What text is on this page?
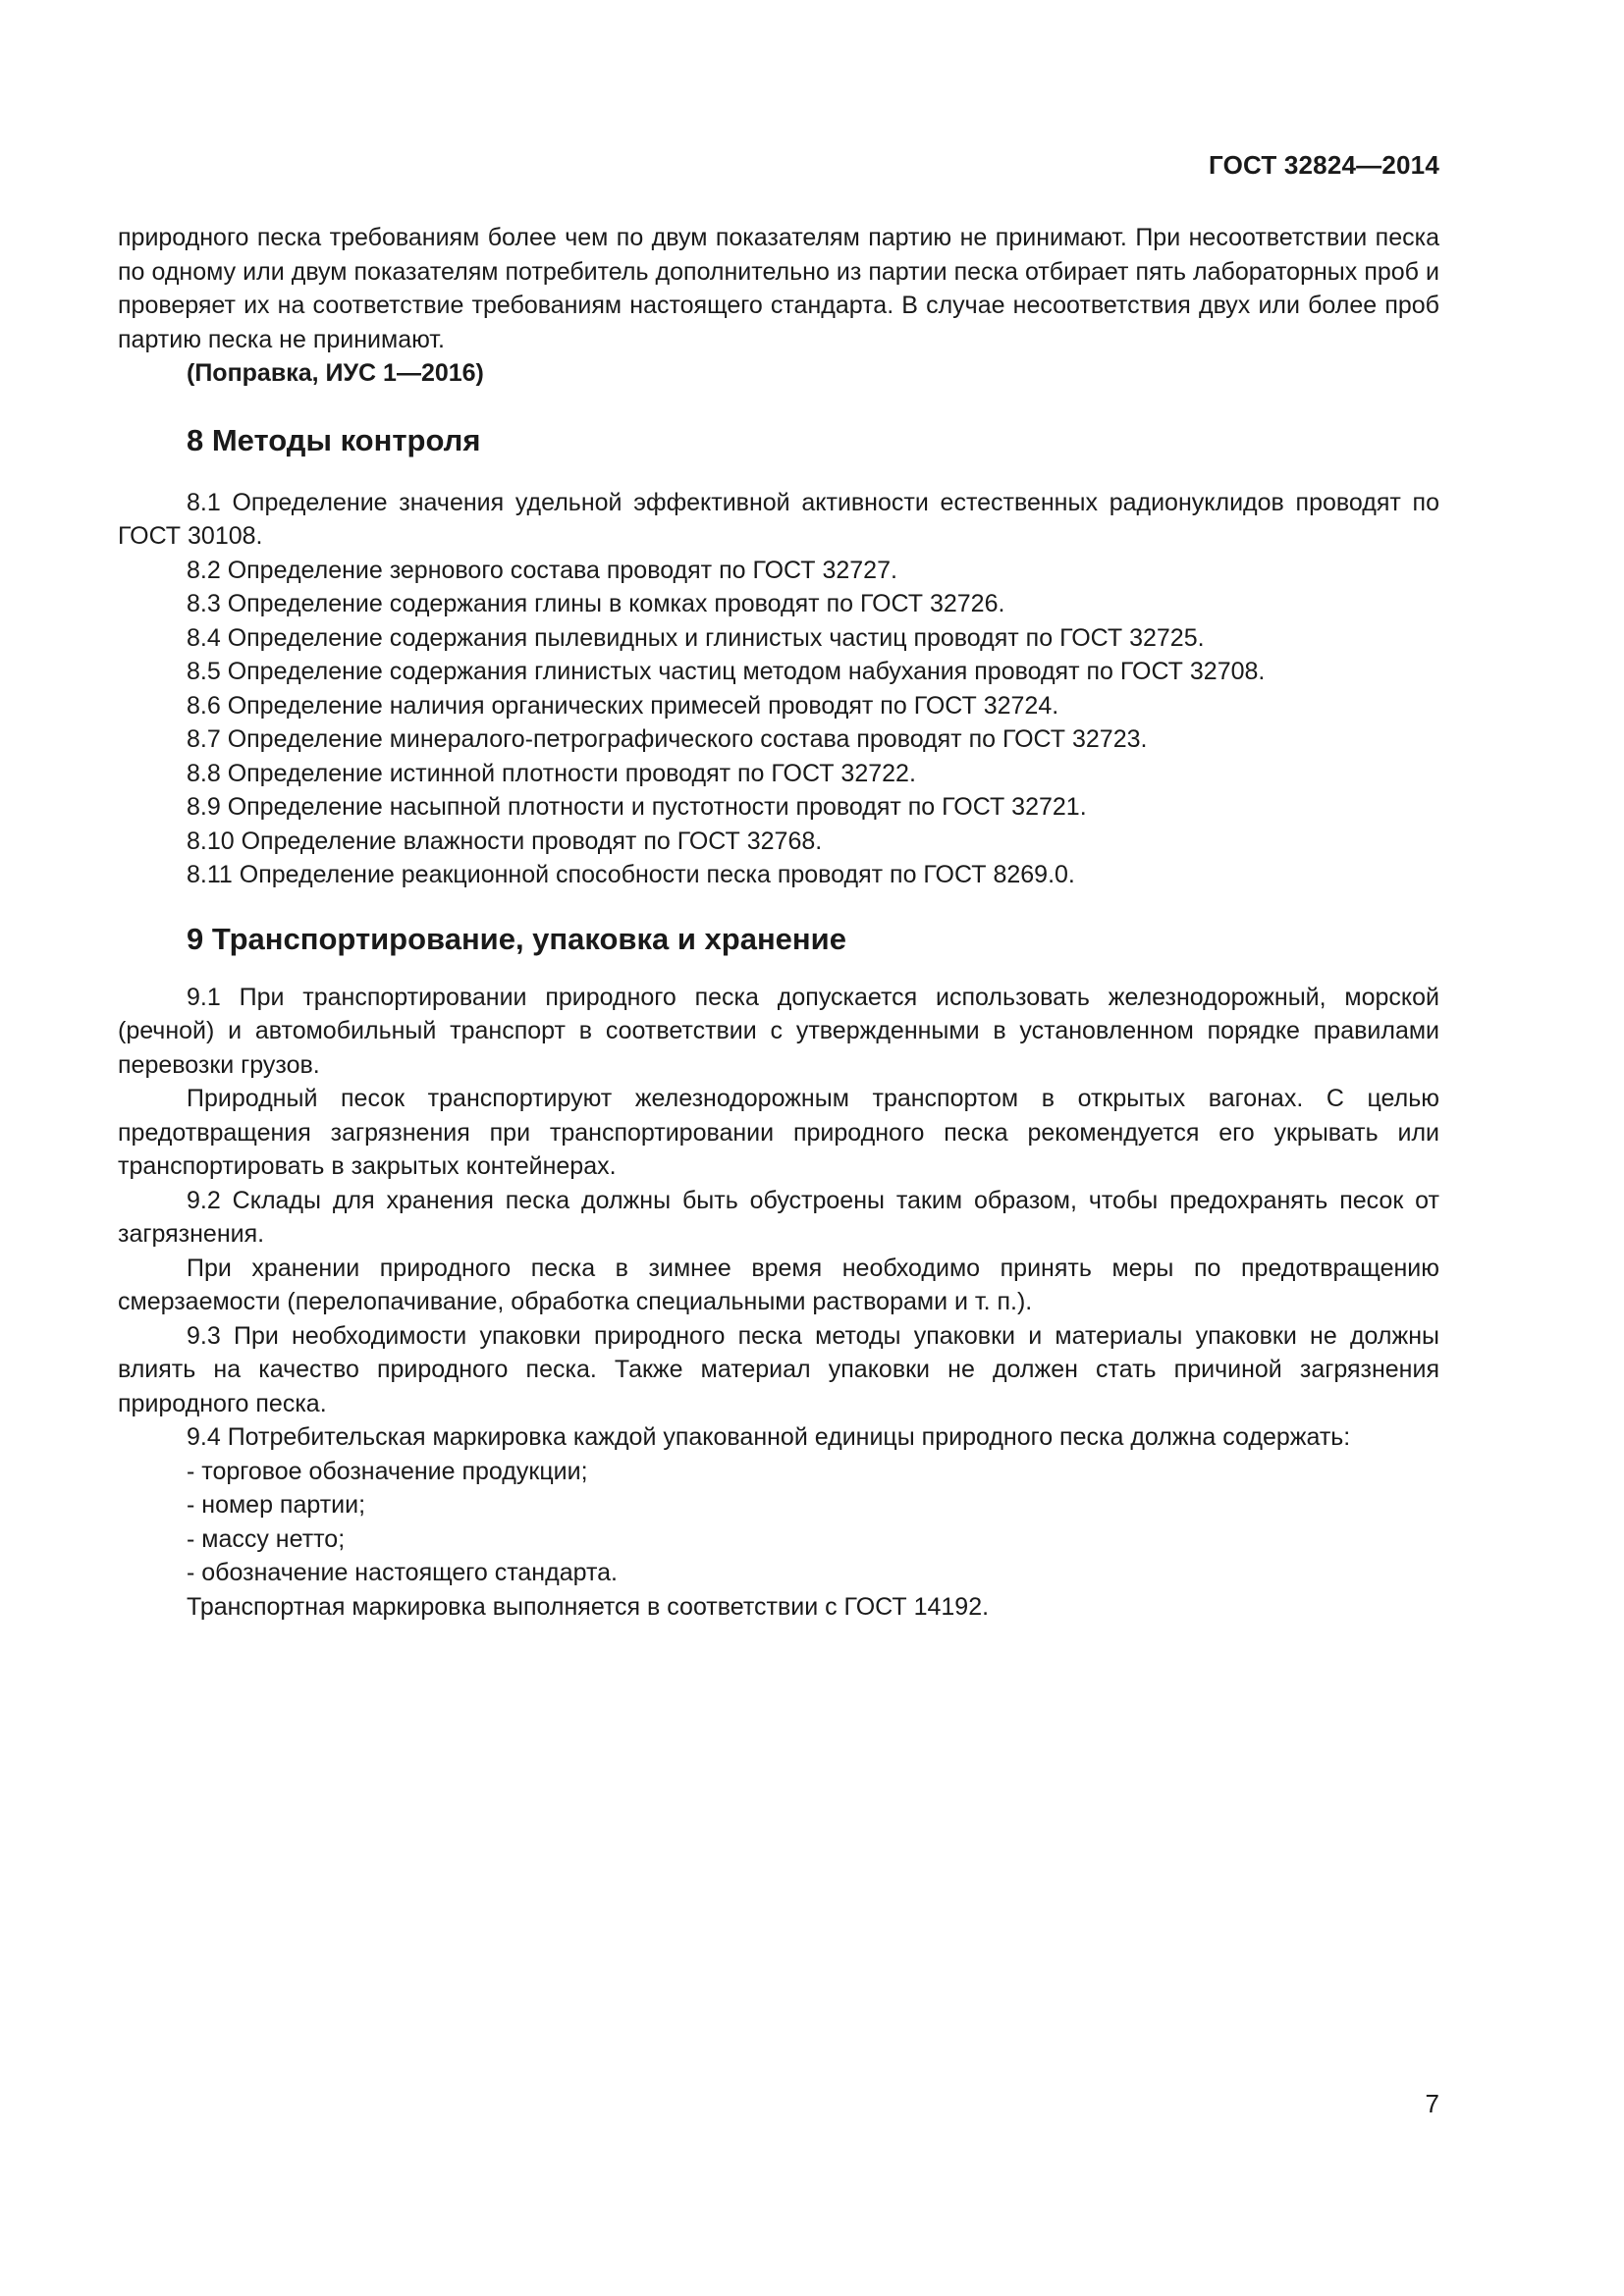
ГОСТ 32824—2014

природного песка требованиям более чем по двум показателям партию не принимают. При несоответствии песка по одному или двум показателям потребитель дополнительно из партии песка отбирает пять лабораторных проб и проверяет их на соответствие требованиям настоящего стандарта. В случае несоответствия двух или более проб партию песка не принимают.

(Поправка, ИУС 1—2016)

8 Методы контроля

8.1 Определение значения удельной эффективной активности естественных радионуклидов проводят по ГОСТ 30108.

8.2 Определение зернового состава проводят по ГОСТ 32727.

8.3 Определение содержания глины в комках проводят по ГОСТ 32726.

8.4 Определение содержания пылевидных и глинистых частиц проводят по ГОСТ 32725.

8.5 Определение содержания глинистых частиц методом набухания проводят по ГОСТ 32708.

8.6 Определение наличия органических примесей проводят по ГОСТ 32724.

8.7 Определение минералого-петрографического состава проводят по ГОСТ 32723.

8.8 Определение истинной плотности проводят по ГОСТ 32722.

8.9 Определение насыпной плотности и пустотности проводят по ГОСТ 32721.

8.10 Определение влажности проводят по ГОСТ 32768.

8.11 Определение реакционной способности песка проводят по ГОСТ 8269.0.

9 Транспортирование, упаковка и хранение

9.1 При транспортировании природного песка допускается использовать железнодорожный, морской (речной) и автомобильный транспорт в соответствии с утвержденными в установленном порядке правилами перевозки грузов.

Природный песок транспортируют железнодорожным транспортом в открытых вагонах. С целью предотвращения загрязнения при транспортировании природного песка рекомендуется его укрывать или транспортировать в закрытых контейнерах.

9.2 Склады для хранения песка должны быть обустроены таким образом, чтобы предохранять песок от загрязнения.

При хранении природного песка в зимнее время необходимо принять меры по предотвращению смерзаемости (перелопачивание, обработка специальными растворами и т. п.).

9.3 При необходимости упаковки природного песка методы упаковки и материалы упаковки не должны влиять на качество природного песка. Также материал упаковки не должен стать причиной загрязнения природного песка.

9.4 Потребительская маркировка каждой упакованной единицы природного песка должна содержать:

- торговое обозначение продукции;

- номер партии;

- массу нетто;

- обозначение настоящего стандарта.

Транспортная маркировка выполняется в соответствии с ГОСТ 14192.

7
